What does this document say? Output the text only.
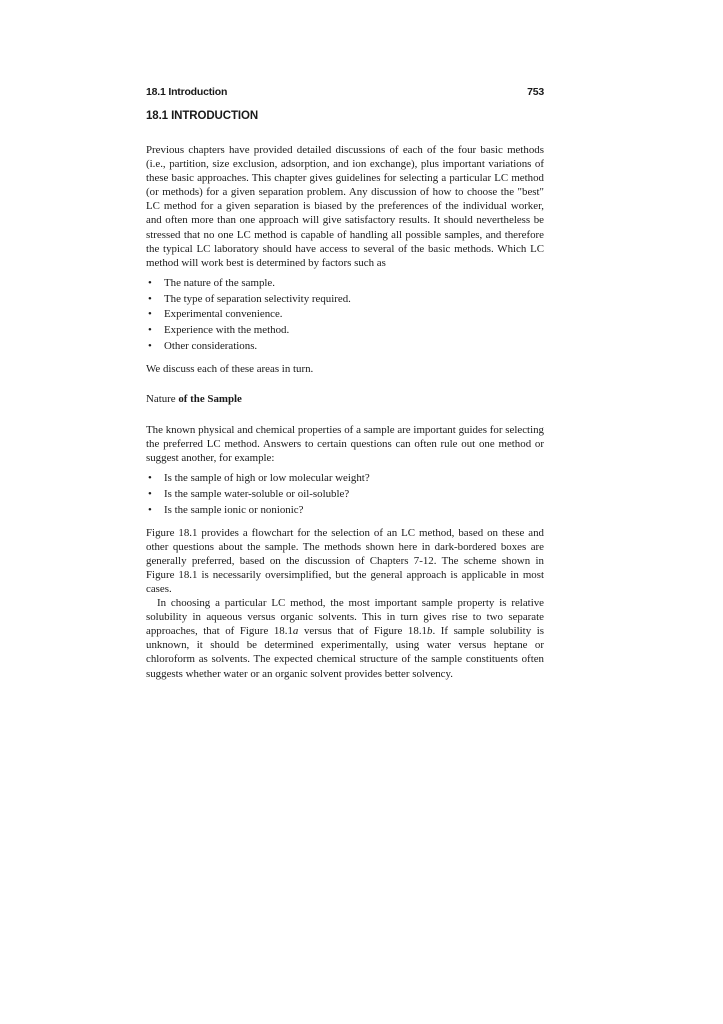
18.1 Introduction	753
18.1 INTRODUCTION

Previous chapters have provided detailed discussions of each of the four basic methods (i.e., partition, size exclusion, adsorption, and ion exchange), plus important variations of these basic approaches. This chapter gives guidelines for selecting a particular LC method (or methods) for a given separation problem. Any discussion of how to choose the "best" LC method for a given separation is biased by the preferences of the individual worker, and often more than one approach will give satisfactory results. It should nevertheless be stressed that no one LC method is capable of handling all possible samples, and therefore the typical LC laboratory should have access to several of the basic methods. Which LC method will work best is determined by factors such as

• The nature of the sample.
• The type of separation selectivity required.
• Experimental convenience.
• Experience with the method.
• Other considerations.

We discuss each of these areas in turn.

Nature of the Sample

The known physical and chemical properties of a sample are important guides for selecting the preferred LC method. Answers to certain questions can often rule out one method or suggest another, for example:

• Is the sample of high or low molecular weight?
• Is the sample water-soluble or oil-soluble?
• Is the sample ionic or nonionic?

Figure 18.1 provides a flowchart for the selection of an LC method, based on these and other questions about the sample. The methods shown here in dark-bordered boxes are generally preferred, based on the discussion of Chapters 7-12. The scheme shown in Figure 18.1 is necessarily oversimplified, but the general approach is applicable in most cases.

In choosing a particular LC method, the most important sample property is relative solubility in aqueous versus organic solvents. This in turn gives rise to two separate approaches, that of Figure 18.1a versus that of Figure 18.1b. If sample solubility is unknown, it should be determined experimentally, using water versus heptane or chloroform as solvents. The expected chemical structure of the sample constituents often suggests whether water or an organic solvent provides better solvency.
